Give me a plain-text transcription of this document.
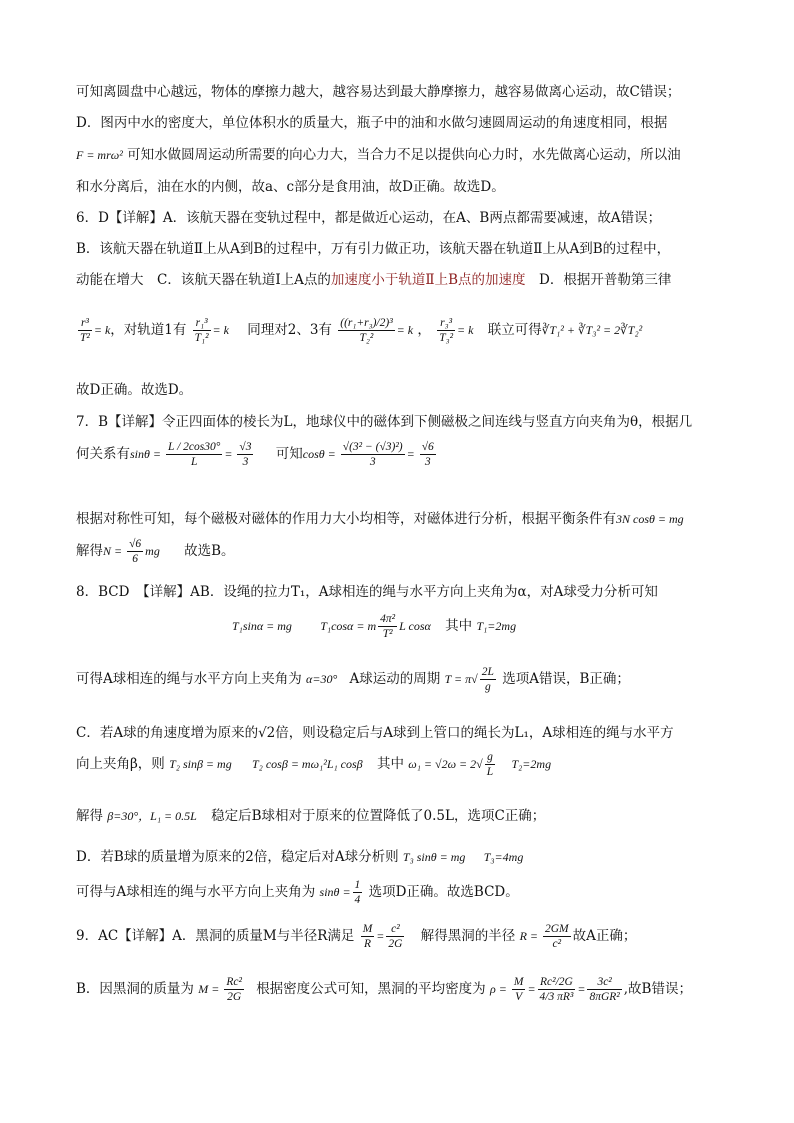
可知离圆盘中心越远，物体的摩擦力越大，越容易达到最大静摩擦力，越容易做离心运动，故C错误；
D．图丙中水的密度大，单位体积水的质量大，瓶子中的油和水做匀速圆周运动的角速度相同，根据
F = mrω² 可知水做圆周运动所需要的向心力大，当合力不足以提供向心力时，水先做离心运动，所以油
和水分离后，油在水的内侧，故a、c部分是食用油，故D正确。故选D。
6．D【详解】A．该航天器在变轨过程中，都是做近心运动，在A、B两点都需要减速，故A错误；
B．该航天器在轨道Ⅱ上从A到B的过程中，万有引力做正功，该航天器在轨道Ⅱ上从A到B的过程中，
动能在增大　C．该航天器在轨道Ⅰ上A点的加速度小于轨道Ⅱ上B点的加速度　D．根据开普勒第三律
$\frac{\text{r³}}{\text{T²}} = k$，对轨道1有 $\frac{\text{r₁³}}{\text{T₁²}} = k$ 同理对2、3有 $\frac{\text{((r₁+r₃)/2)³}}{\text{T₂²}} = k$ ， $\frac{\text{r₃³}}{\text{T₃²}} = k$ 联立可得∛T₁² + ∛T₃² = 2∛T₂²
故D正确。故选D。
7．B【详解】令正四面体的棱长为L，地球仪中的磁体到下侧磁极之间连线与竖直方向夹角为θ，根据几
何关系有$\sin\theta = \frac{L / 2\cos 30^\circ}{L} = \frac{√3}{3}$ 可知$\cos\theta = \frac{\text{√(3² − (√3)²)}}{3} = \frac{√6}{3}$
根据对称性可知，每个磁极对磁体的作用力大小均相等，对磁体进行分析，根据平衡条件有3N cosθ = mg
解得$N = \frac{√6}{6}$ mg 故选B。
8．BCD　【详解】AB．设绳的拉力T₁，A球相连的绳与水平方向上夹角为α，对A球受力分析可知
T₁sinα = mg T₁cosα = m $\frac{\text{4π²}}{\text{T²}}$ L cosα 其中 T₁=2mg
可得A球相连的绳与水平方向上夹角为 α=30° A球运动的周期 $T = \pi√ \frac{2L}{g}$ 选项A错误，B正确；
C．若A球的角速度增为原来的√2倍，则设稳定后与A球到上管口的绳长为L₁，A球相连的绳与水平方
向上夹角β，则 T₂ sinβ = mg T₂ cosβ = mω₁²L₁ cosβ 其中 $\omega_1 = √2\omega = 2√ \frac{g}{L} T_2=2mg$
解得 β=30°，L₁ = 0.5L 稳定后B球相对于原来的位置降低了0.5L，选项C正确；
D．若B球的质量增为原来的2倍，稳定后对A球分析则 T₃ sinθ = mg T₃=4mg
可得与A球相连的绳与水平方向上夹角为 $\sin\theta = \frac{1}{4}$ 选项D正确。故选BCD。
9．AC【详解】A．黑洞的质量M与半径R满足 $\frac{M}{R} = \frac{\text{c²}}{2G}$ 解得黑洞的半径 $R = \frac{2GM}{\text{c²}}$ 故A正确；
B．因黑洞的质量为 $M = \frac{\text{Rc²}}{2G}$ 根据密度公式可知，黑洞的平均密度为 $\rho = \frac{M}{V} = \frac{\text{Rc²/2G}}{\text{4/3 πR³}} = \frac{\text{3c²}}{\text{8πGR²}}$ ,故B错误；
